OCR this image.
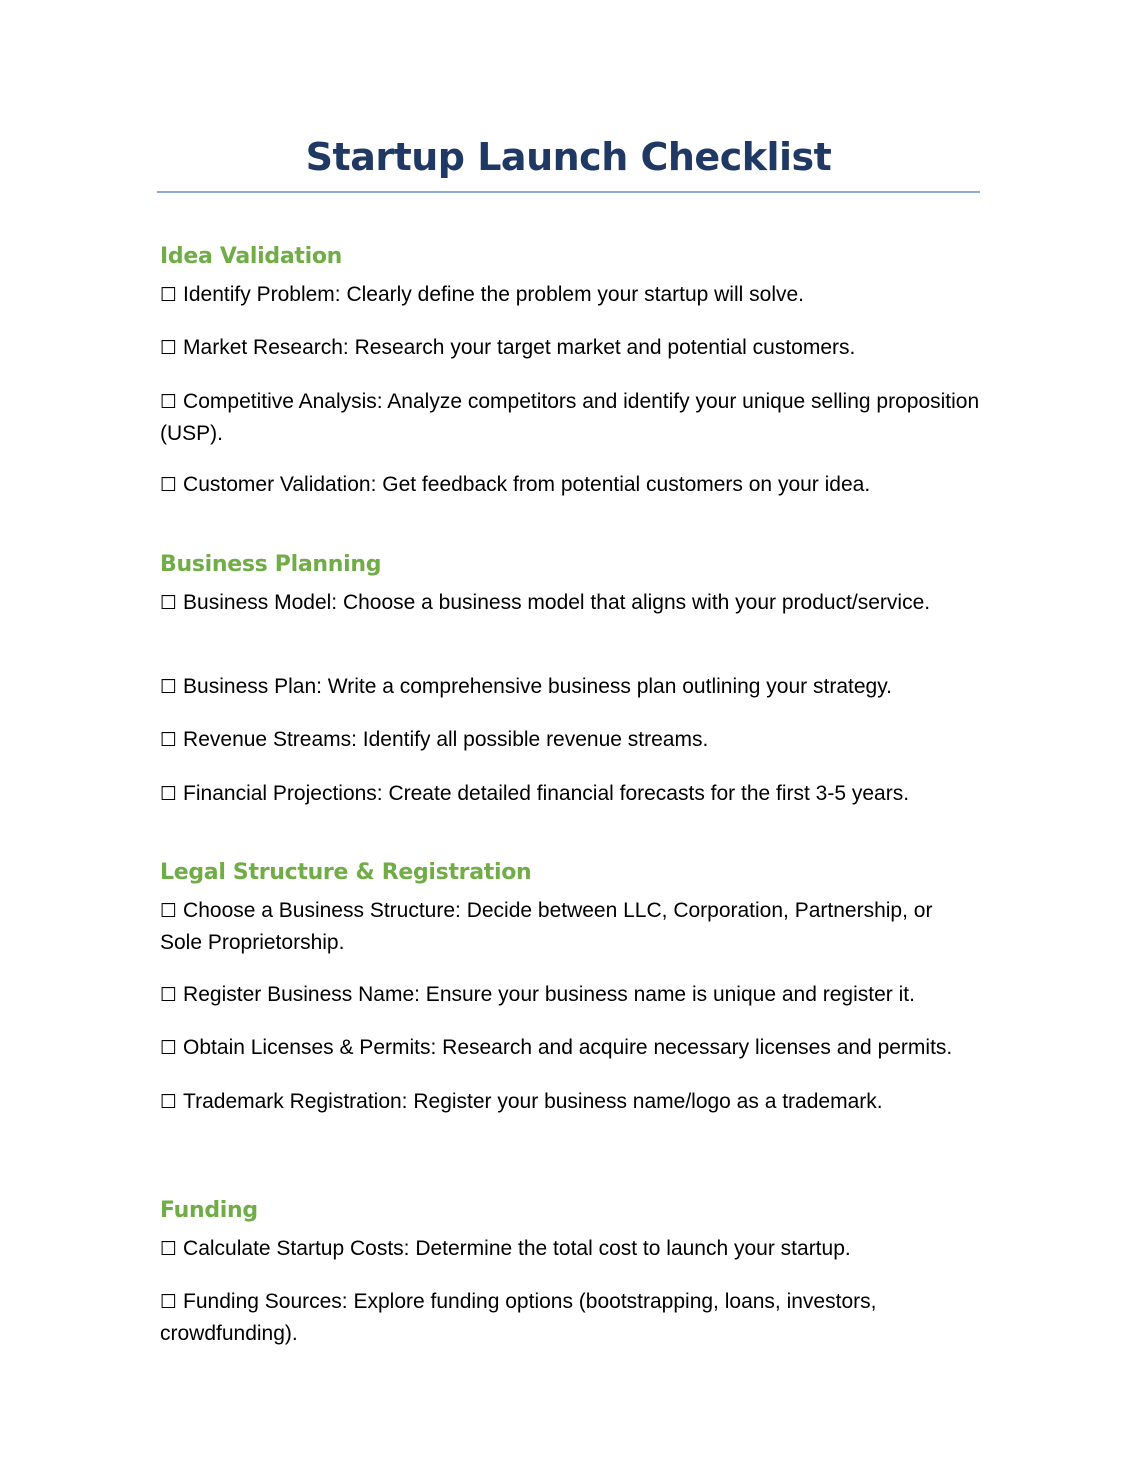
Startup Launch Checklist
Idea Validation

☐ Identify Problem: Clearly define the problem your startup will solve.

☐ Market Research: Research your target market and potential customers.

☐ Competitive Analysis: Analyze competitors and identify your unique selling proposition (USP).

☐ Customer Validation: Get feedback from potential customers on your idea.

Business Planning

☐ Business Model: Choose a business model that aligns with your product/service.

☐ Business Plan: Write a comprehensive business plan outlining your strategy.

☐ Revenue Streams: Identify all possible revenue streams.

☐ Financial Projections: Create detailed financial forecasts for the first 3-5 years.

Legal Structure & Registration

☐ Choose a Business Structure: Decide between LLC, Corporation, Partnership, or Sole Proprietorship.

☐ Register Business Name: Ensure your business name is unique and register it.

☐ Obtain Licenses & Permits: Research and acquire necessary licenses and permits.

☐ Trademark Registration: Register your business name/logo as a trademark.

Funding

☐ Calculate Startup Costs: Determine the total cost to launch your startup.

☐ Funding Sources: Explore funding options (bootstrapping, loans, investors, crowdfunding).
